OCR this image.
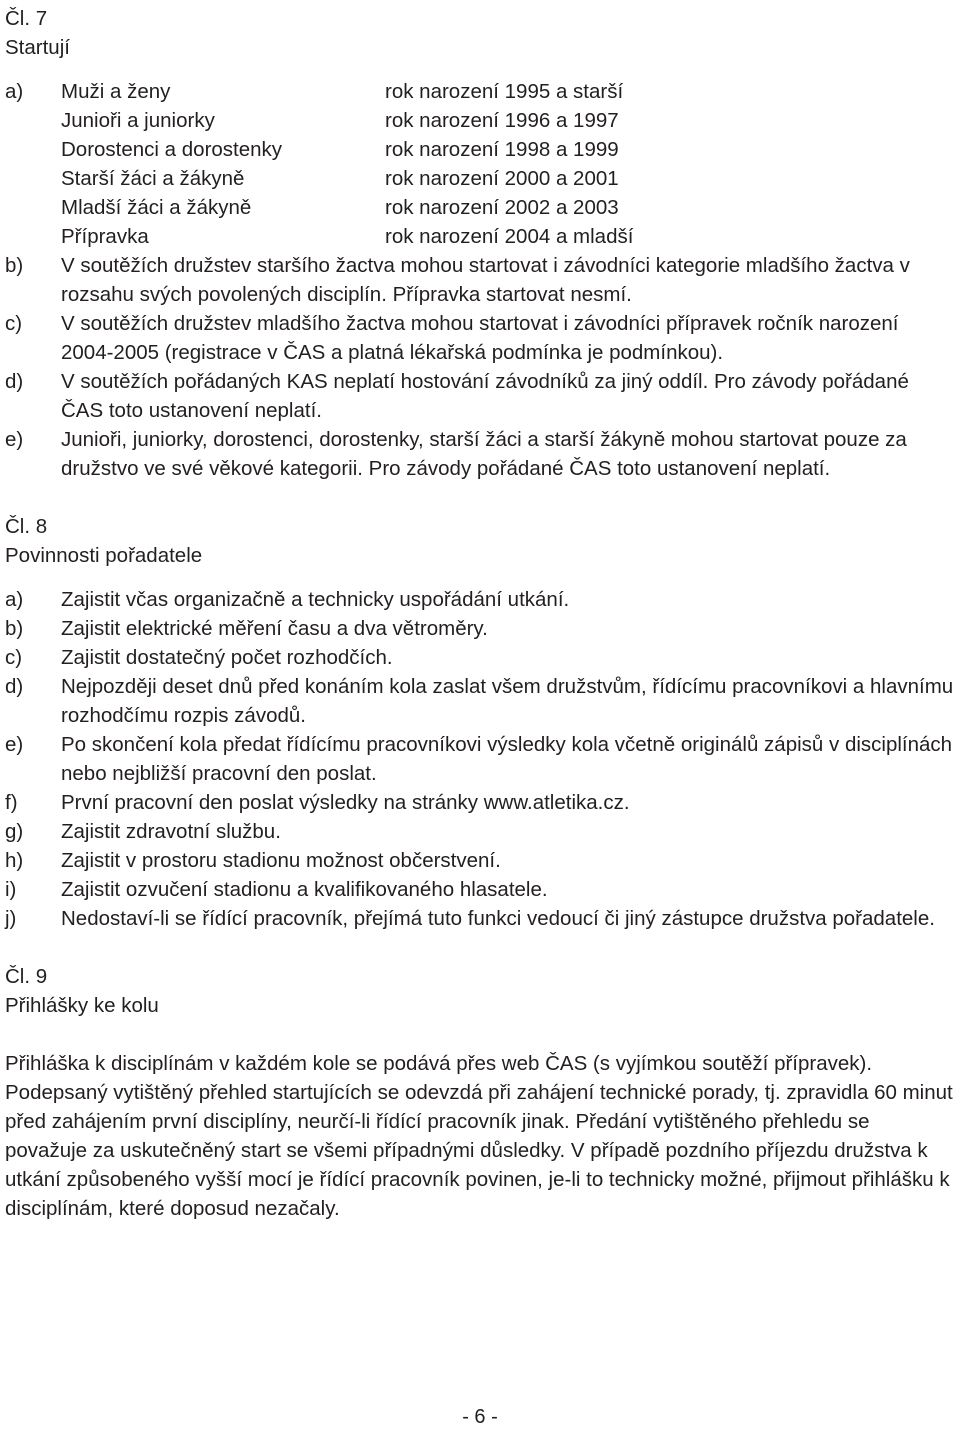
Čl. 7
Startují
a)	Muži a ženy	rok narození 1995 a starší
Junioři a juniorky	rok narození 1996 a 1997
Dorostenci a dorostenky	rok narození 1998 a 1999
Starší žáci a žákyně	rok narození 2000 a 2001
Mladší žáci a žákyně	rok narození 2002 a 2003
Přípravka	rok narození 2004 a mladší
b)	V soutěžích družstev staršího žactva mohou startovat i závodníci kategorie mladšího žactva v rozsahu svých povolených disciplín. Přípravka startovat nesmí.
c)	V soutěžích družstev mladšího žactva mohou startovat i závodníci přípravek ročník narození 2004-2005 (registrace v ČAS a platná lékařská podmínka je podmínkou).
d)	V soutěžích pořádaných KAS neplatí hostování závodníků za jiný oddíl. Pro závody pořádané ČAS toto ustanovení neplatí.
e)	Junioři, juniorky, dorostenci, dorostenky, starší žáci a starší žákyně mohou startovat pouze za družstvo ve své věkové kategorii. Pro závody pořádané ČAS toto ustanovení neplatí.
Čl. 8
Povinnosti pořadatele
a)	Zajistit včas organizačně a technicky uspořádání utkání.
b)	Zajistit elektrické měření času a dva větroměry.
c)	Zajistit dostatečný počet rozhodčích.
d)	Nejpozději deset dnů před konáním kola zaslat všem družstvům, řídícímu pracovníkovi a hlavnímu rozhodčímu rozpis závodů.
e)	Po skončení kola předat řídícímu pracovníkovi výsledky kola včetně originálů zápisů v disciplínách nebo nejbližší pracovní den poslat.
f)	První pracovní den poslat výsledky na stránky www.atletika.cz.
g)	Zajistit zdravotní službu.
h)	Zajistit v prostoru stadionu možnost občerstvení.
i)	Zajistit ozvučení stadionu a kvalifikovaného hlasatele.
j)	Nedostaví-li se řídící pracovník, přejímá tuto funkci vedoucí či jiný zástupce družstva pořadatele.
Čl. 9
Přihlášky ke kolu

Přihláška k disciplínám v každém kole se podává přes web ČAS (s vyjímkou soutěží přípravek). Podepsaný vytištěný přehled startujících se odevzdá při zahájení technické porady, tj. zpravidla 60 minut před zahájením první disciplíny, neurčí-li řídící pracovník jinak. Předání vytištěného přehledu se považuje za uskutečněný start se všemi případnými důsledky. V případě pozdního příjezdu družstva k utkání způsobeného vyšší mocí je řídící pracovník povinen, je-li to technicky možné, přijmout přihlášku k disciplínám, které doposud nezačaly.

- 6 -
